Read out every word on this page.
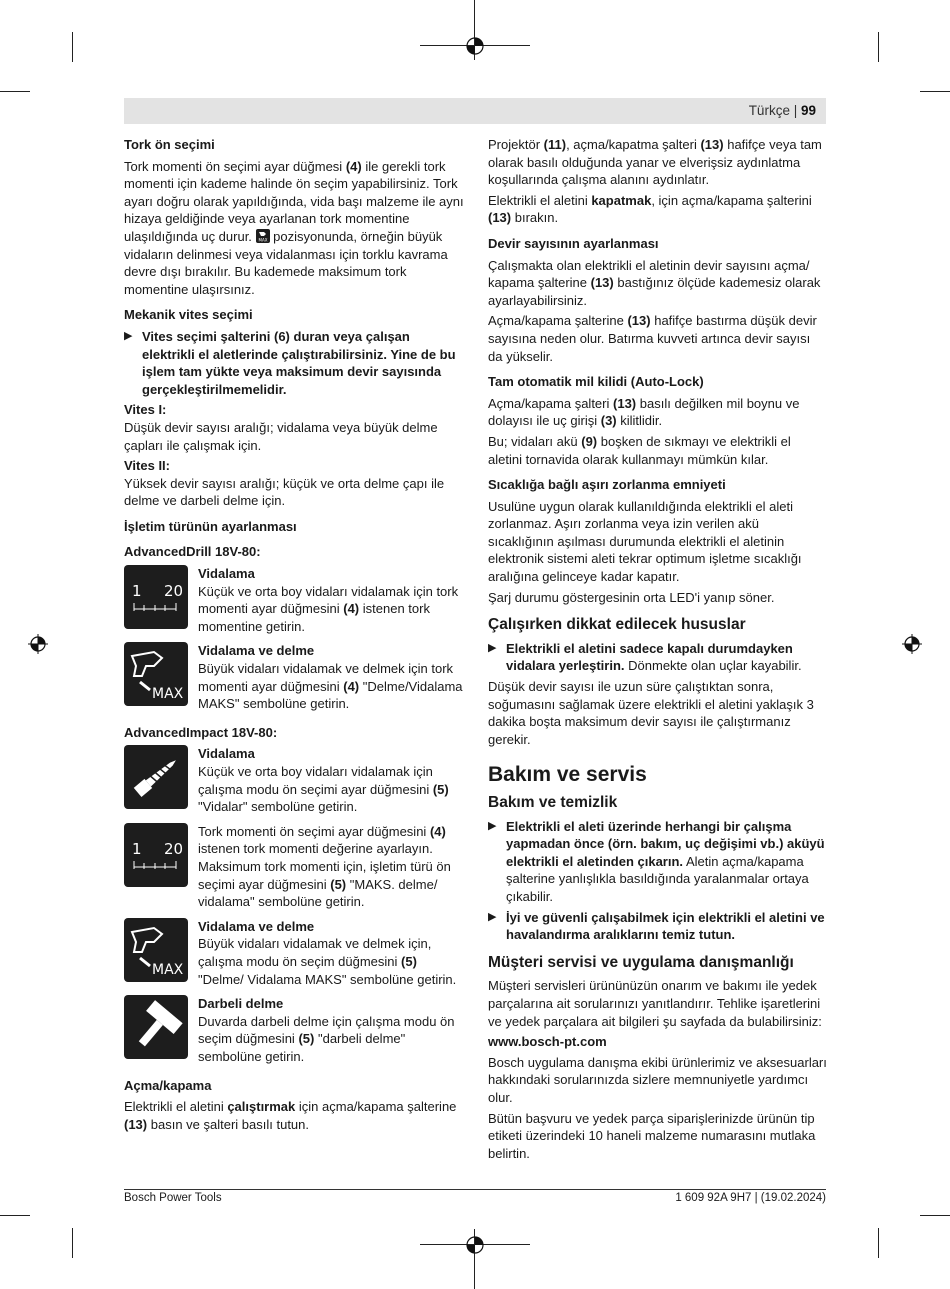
Türkçe | 99
Tork ön seçimi

Tork momenti ön seçimi ayar düğmesi (4) ile gerekli tork momenti için kademe halinde ön seçim yapabilirsiniz. Tork ayarı doğru olarak yapıldığında, vida başı malzeme ile aynı hizaya geldiğinde veya ayarlanan tork momentine ulaşıldığında uç durur. MAX pozisyonunda, örneğin büyük vidaların delinmesi veya vidalanması için torklu kavrama devre dışı bırakılır. Bu kademede maksimum tork momentine ulaşırsınız.

Mekanik vites seçimi
▶ Vites seçimi şalterini (6) duran veya çalışan elektrikli el aletlerinde çalıştırabilirsiniz. Yine de bu işlem tam yükte veya maksimum devir sayısında gerçekleştirilmemelidir.
Vites I:

Düşük devir sayısı aralığı; vidalama veya büyük delme çapları ile çalışmak için.

Vites II:

Yüksek devir sayısı aralığı; küçük ve orta delme çapı ile delme ve darbeli delme için.

İşletim türünün ayarlanması
AdvancedDrill 18V-80:
1 20
Vidalama

Küçük ve orta boy vidaları vidalamak için tork momenti ayar düğmesini (4) istenen tork momentine getirin.

MAX
Vidalama ve delme

Büyük vidaları vidalamak ve delmek için tork momenti ayar düğmesini (4) "Delme/Vidalama MAKS" sembolüne getirin.

AdvancedImpact 18V-80:
Vidalama

Küçük ve orta boy vidaları vidalamak için çalışma modu ön seçimi ayar düğmesini (5) "Vidalar" sembolüne getirin.

1 20

Tork momenti ön seçimi ayar düğmesini (4) istenen tork momenti değerine ayarlayın. Maksimum tork momenti için, işletim türü ön seçimi ayar düğmesini (5) "MAKS. delme/ vidalama" sembolüne getirin.

MAX
Vidalama ve delme

Büyük vidaları vidalamak ve delmek için, çalışma modu ön seçim düğmesini (5) "Delme/ Vidalama MAKS" sembolüne getirin.

Darbeli delme

Duvarda darbeli delme için çalışma modu ön seçim düğmesini (5) "darbeli delme" sembolüne getirin.

Açma/kapama

Elektrikli el aletini çalıştırmak için açma/kapama şalterine (13) basın ve şalteri basılı tutun.

Projektör (11), açma/kapatma şalteri (13) hafifçe veya tam olarak basılı olduğunda yanar ve elverişsiz aydınlatma koşullarında çalışma alanını aydınlatır.

Elektrikli el aletini kapatmak, için açma/kapama şalterini (13) bırakın.

Devir sayısının ayarlanması

Çalışmakta olan elektrikli el aletinin devir sayısını açma/ kapama şalterine (13) bastığınız ölçüde kademesiz olarak ayarlayabilirsiniz.

Açma/kapama şalterine (13) hafifçe bastırma düşük devir sayısına neden olur. Batırma kuvveti artınca devir sayısı da yükselir.

Tam otomatik mil kilidi (Auto-Lock)

Açma/kapama şalteri (13) basılı değilken mil boynu ve dolayısı ile uç girişi (3) kilitlidir.

Bu; vidaları akü (9) boşken de sıkmayı ve elektrikli el aletini tornavida olarak kullanmayı mümkün kılar.

Sıcaklığa bağlı aşırı zorlanma emniyeti

Usulüne uygun olarak kullanıldığında elektrikli el aleti zorlanmaz. Aşırı zorlanma veya izin verilen akü sıcaklığının aşılması durumunda elektrikli el aletinin elektronik sistemi aleti tekrar optimum işletme sıcaklığı aralığına gelinceye kadar kapatır.

Şarj durumu göstergesinin orta LED'i yanıp söner.

Çalışırken dikkat edilecek hususlar
▶ Elektrikli el aletini sadece kapalı durumdayken vidalara yerleştirin. Dönmekte olan uçlar kayabilir.

Düşük devir sayısı ile uzun süre çalıştıktan sonra, soğumasını sağlamak üzere elektrikli el aletini yaklaşık 3 dakika boşta maksimum devir sayısı ile çalıştırmanız gerekir.

Bakım ve servis
Bakım ve temizlik
▶ Elektrikli el aleti üzerinde herhangi bir çalışma yapmadan önce (örn. bakım, uç değişimi vb.) aküyü elektrikli el aletinden çıkarın. Aletin açma/kapama şalterine yanlışlıkla basıldığında yaralanmalar ortaya çıkabilir.
▶ İyi ve güvenli çalışabilmek için elektrikli el aletini ve havalandırma aralıklarını temiz tutun.
Müşteri servisi ve uygulama danışmanlığı

Müşteri servisleri ürününüzün onarım ve bakımı ile yedek parçalarına ait sorularınızı yanıtlandırır. Tehlike işaretlerini ve yedek parçalara ait bilgileri şu sayfada da bulabilirsiniz:

www.bosch-pt.com

Bosch uygulama danışma ekibi ürünlerimiz ve aksesuarları hakkındaki sorularınızda sizlere memnuniyetle yardımcı olur.

Bütün başvuru ve yedek parça siparişlerinizde ürünün tip etiketi üzerindeki 10 haneli malzeme numarasını mutlaka belirtin.

Bosch Power Tools	1 609 92A 9H7 | (19.02.2024)
